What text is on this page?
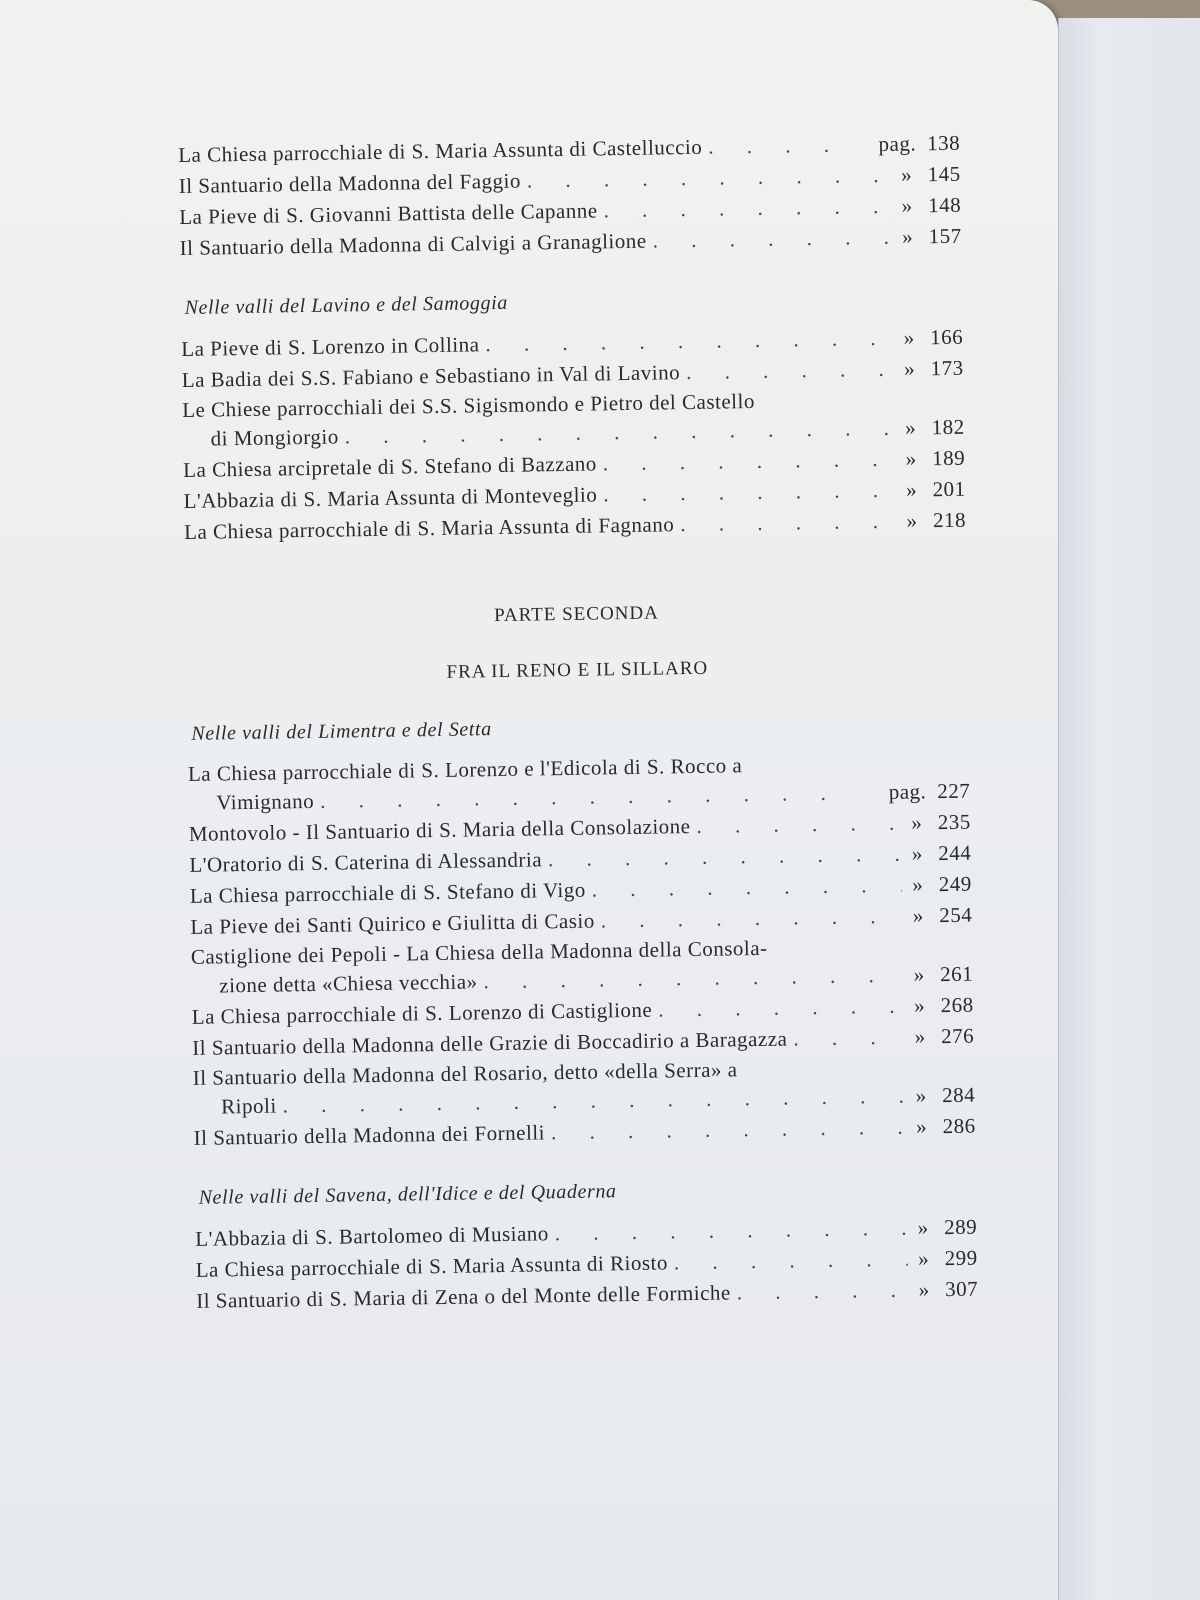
La Chiesa parrocchiale di S. Maria Assunta di Castelluccio . . .	pag. 138
Il Santuario della Madonna del Faggio . . .	» 145
La Pieve di S. Giovanni Battista delle Capanne . . .	» 148
Il Santuario della Madonna di Calvigi a Granaglione . . .	» 157
Nelle valli del Lavino e del Samoggia
La Pieve di S. Lorenzo in Collina . . .	» 166
La Badia dei S.S. Fabiano e Sebastiano in Val di Lavino . . .	» 173
Le Chiese parrocchiali dei S.S. Sigismondo e Pietro del Castello
di Mongiorgio . . .	» 182
La Chiesa arcipretale di S. Stefano di Bazzano . . .	» 189
L'Abbazia di S. Maria Assunta di Monteveglio . . .	» 201
La Chiesa parrocchiale di S. Maria Assunta di Fagnano . . .	» 218
PARTE SECONDA
FRA IL RENO E IL SILLARO
Nelle valli del Limentra e del Setta
La Chiesa parrocchiale di S. Lorenzo e l'Edicola di S. Rocco a
Vimignano . . .	pag. 227
Montovolo - Il Santuario di S. Maria della Consolazione . . .	» 235
L'Oratorio di S. Caterina di Alessandria . . .	» 244
La Chiesa parrocchiale di S. Stefano di Vigo . . .	» 249
La Pieve dei Santi Quirico e Giulitta di Casio . . .	» 254
Castiglione dei Pepoli - La Chiesa della Madonna della Consola-
zione detta «Chiesa vecchia» . . .	» 261
La Chiesa parrocchiale di S. Lorenzo di Castiglione . . .	» 268
Il Santuario della Madonna delle Grazie di Boccadirio a Baragazza . . .	» 276
Il Santuario della Madonna del Rosario, detto «della Serra» a
Ripoli . . .	» 284
Il Santuario della Madonna dei Fornelli . . .	» 286
Nelle valli del Savena, dell'Idice e del Quaderna
L'Abbazia di S. Bartolomeo di Musiano . . .	» 289
La Chiesa parrocchiale di S. Maria Assunta di Riosto . . .	» 299
Il Santuario di S. Maria di Zena o del Monte delle Formiche . . .	» 307
